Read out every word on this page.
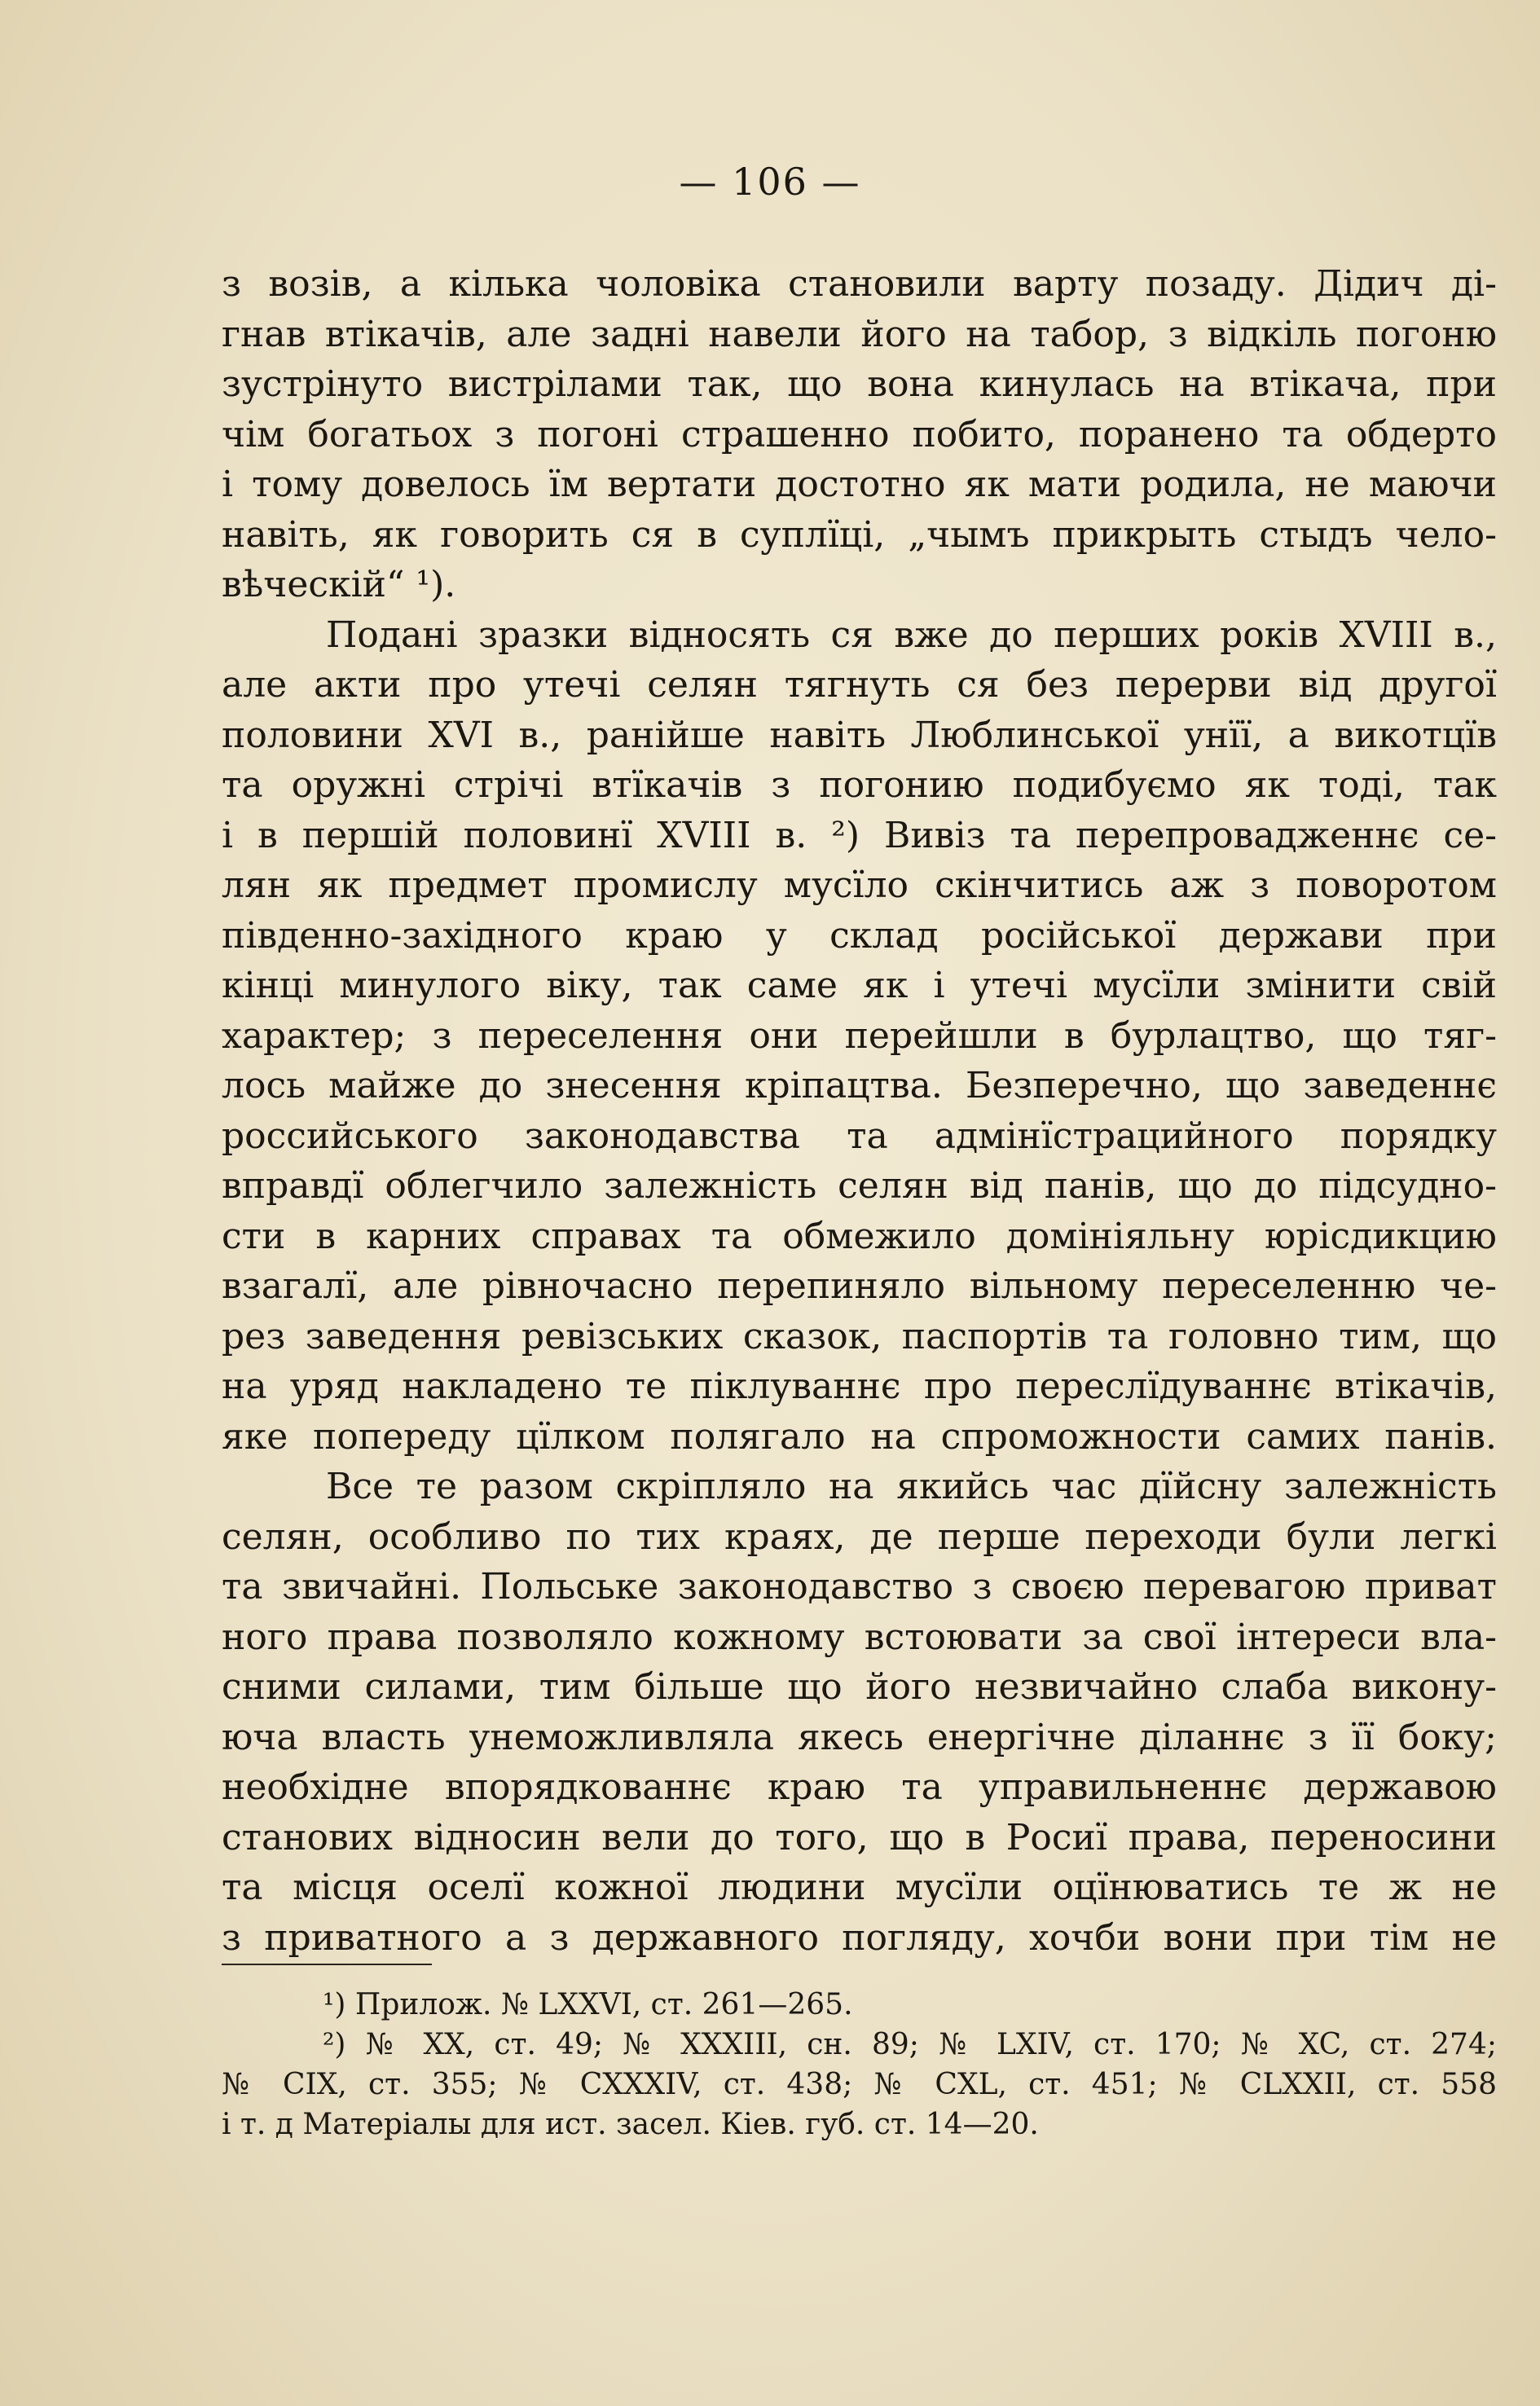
— 106 —
з возів, а кілька чоловіка становили варту позаду. Дідич ді-
гнав втікачів, але задні навели його на табор, з відкіль погоню
зустрінуто вистрілами так, що вона кинулась на втікача, при
чім богатьох з погоні страшенно побито, поранено та обдерто
і тому довелось їм вертати достотно як мати родила, не маючи
навіть, як говорить ся в суплїці, „чымъ прикрыть стыдъ чело-
вѣческій“ ¹).
Подані зразки відносять ся вже до перших років XVIII в.,
але акти про утечі селян тягнуть ся без перерви від другої
половини XVI в., ранійше навіть Люблинської унїї, а викотцїв
та оружні стрічі втїкачів з погонию подибуємо як тоді, так
і в першій половинї XVIII в. ²) Вивіз та перепровадженнє се-
лян як предмет промислу мусїло скінчитись аж з поворотом
південно-західного краю у склад російської держави при
кінці минулого віку, так саме як і утечі мусїли змінити свій
характер; з переселення они перейшли в бурлацтво, що тяг-
лось майже до знесення кріпацтва. Безперечно, що заведеннє
российського законодавства та адмінїстрацийного порядку
вправдї облегчило залежність селян від панів, що до підсудно-
сти в карних справах та обмежило домініяльну юрісдикцию
взагалї, але рівночасно перепиняло вільному переселенню че-
рез заведення ревізських сказок, паспортів та головно тим, що
на уряд накладено те піклуваннє про переслїдуваннє втікачів,
яке попереду цїлком полягало на спроможности самих панів.
Все те разом скріпляло на якийсь час дїйсну залежність
селян, особливо по тих краях, де перше переходи були легкі
та звичайні. Польське законодавство з своєю перевагою приват
ного права позволяло кожному встоювати за свої інтереси вла-
сними силами, тим більше що його незвичайно слаба викону-
юча власть унеможливляла якесь енергічне діланнє з її боку;
необхідне впорядкованнє краю та управильненнє державою
станових відносин вели до того, що в Росиї права, переносини
та місця оселї кожної людини мусїли оцїнюватись те ж не
з приватного а з державного погляду, хочби вони при тім не
¹) Прилож. № LXXVI, ст. 261—265.
²) № XX, ст. 49; № XXXIII, сн. 89; № LXIV, ст. 170; № XC, ст. 274;
№ CIX, ст. 355; № CXXXIV, ст. 438; № CXL, ст. 451; № CLXXII, ст. 558
і т. д Матеріалы для ист. засел. Кіев. губ. ст. 14—20.
